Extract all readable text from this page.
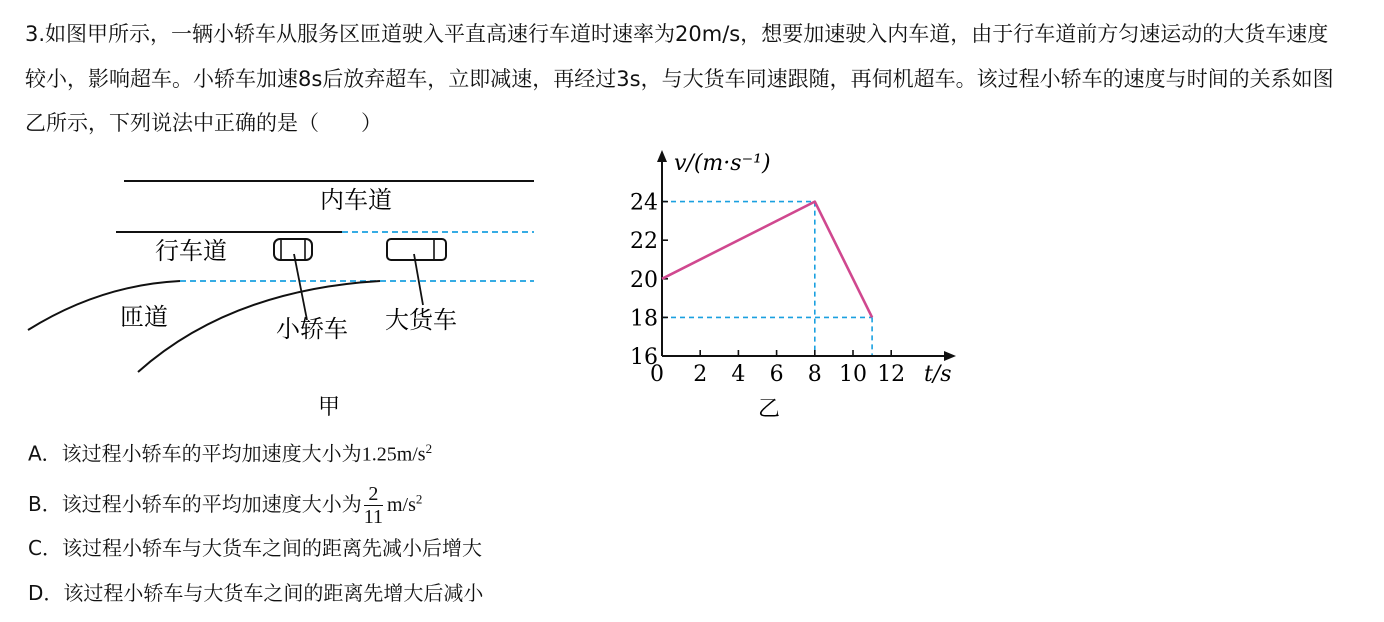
3.如图甲所示，一辆小轿车从服务区匝道驶入平直高速行车道时速率为20m/s，想要加速驶入内车道，由于行车道前方匀速运动的大货车速度
较小，影响超车。小轿车加速8s后放弃超车，立即减速，再经过3s，与大货车同速跟随，再伺机超车。该过程小轿车的速度与时间的关系如图
乙所示，下列说法中正确的是（　　）
内车道
行车道
匝道	小轿车 大货车
甲
0 2 4 6 8 10 12
16
18
20
22
24
v/(m·s⁻¹)
t/s
乙
A．该过程小轿车的平均加速度大小为$1.25m/s^2$
B．该过程小轿车的平均加速度大小为 $\frac{2}{11} m/s^2$
C．该过程小轿车与大货车之间的距离先减小后增大
D．该过程小轿车与大货车之间的距离先增大后减小
